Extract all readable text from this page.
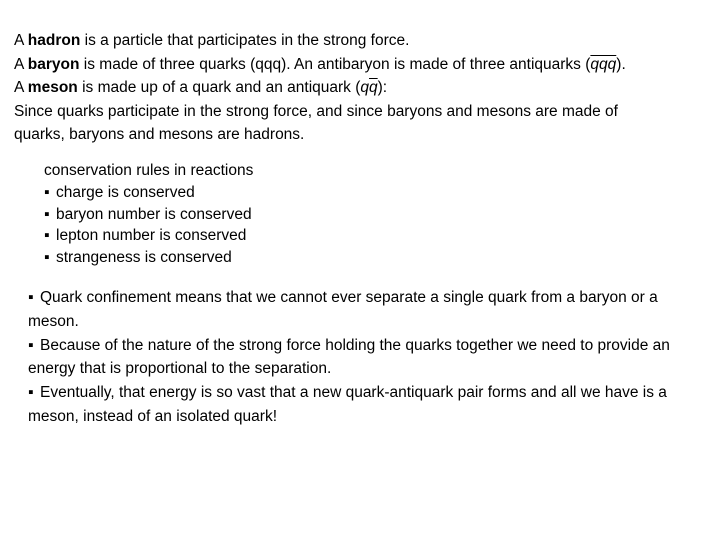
A hadron is a particle that participates in the strong force.
A baryon is made of three quarks (qqq). An antibaryon is made of three antiquarks $(\overline{qqq})$.
A meson is made up of a quark and an antiquark $(q\overline{q})$:
Since quarks participate in the strong force, and since baryons and mesons are made of
quarks, baryons and mesons are hadrons.
conservation rules in reactions
▪ charge is conserved
▪ baryon number is conserved
▪ lepton number is conserved
▪ strangeness is conserved

▪ Quark confinement means that we cannot ever separate a single quark from a baryon or a meson.

▪ Because of the nature of the strong force holding the quarks together we need to provide an energy that is proportional to the separation.

▪ Eventually, that energy is so vast that a new quark-antiquark pair forms and all we have is a meson, instead of an isolated quark!
